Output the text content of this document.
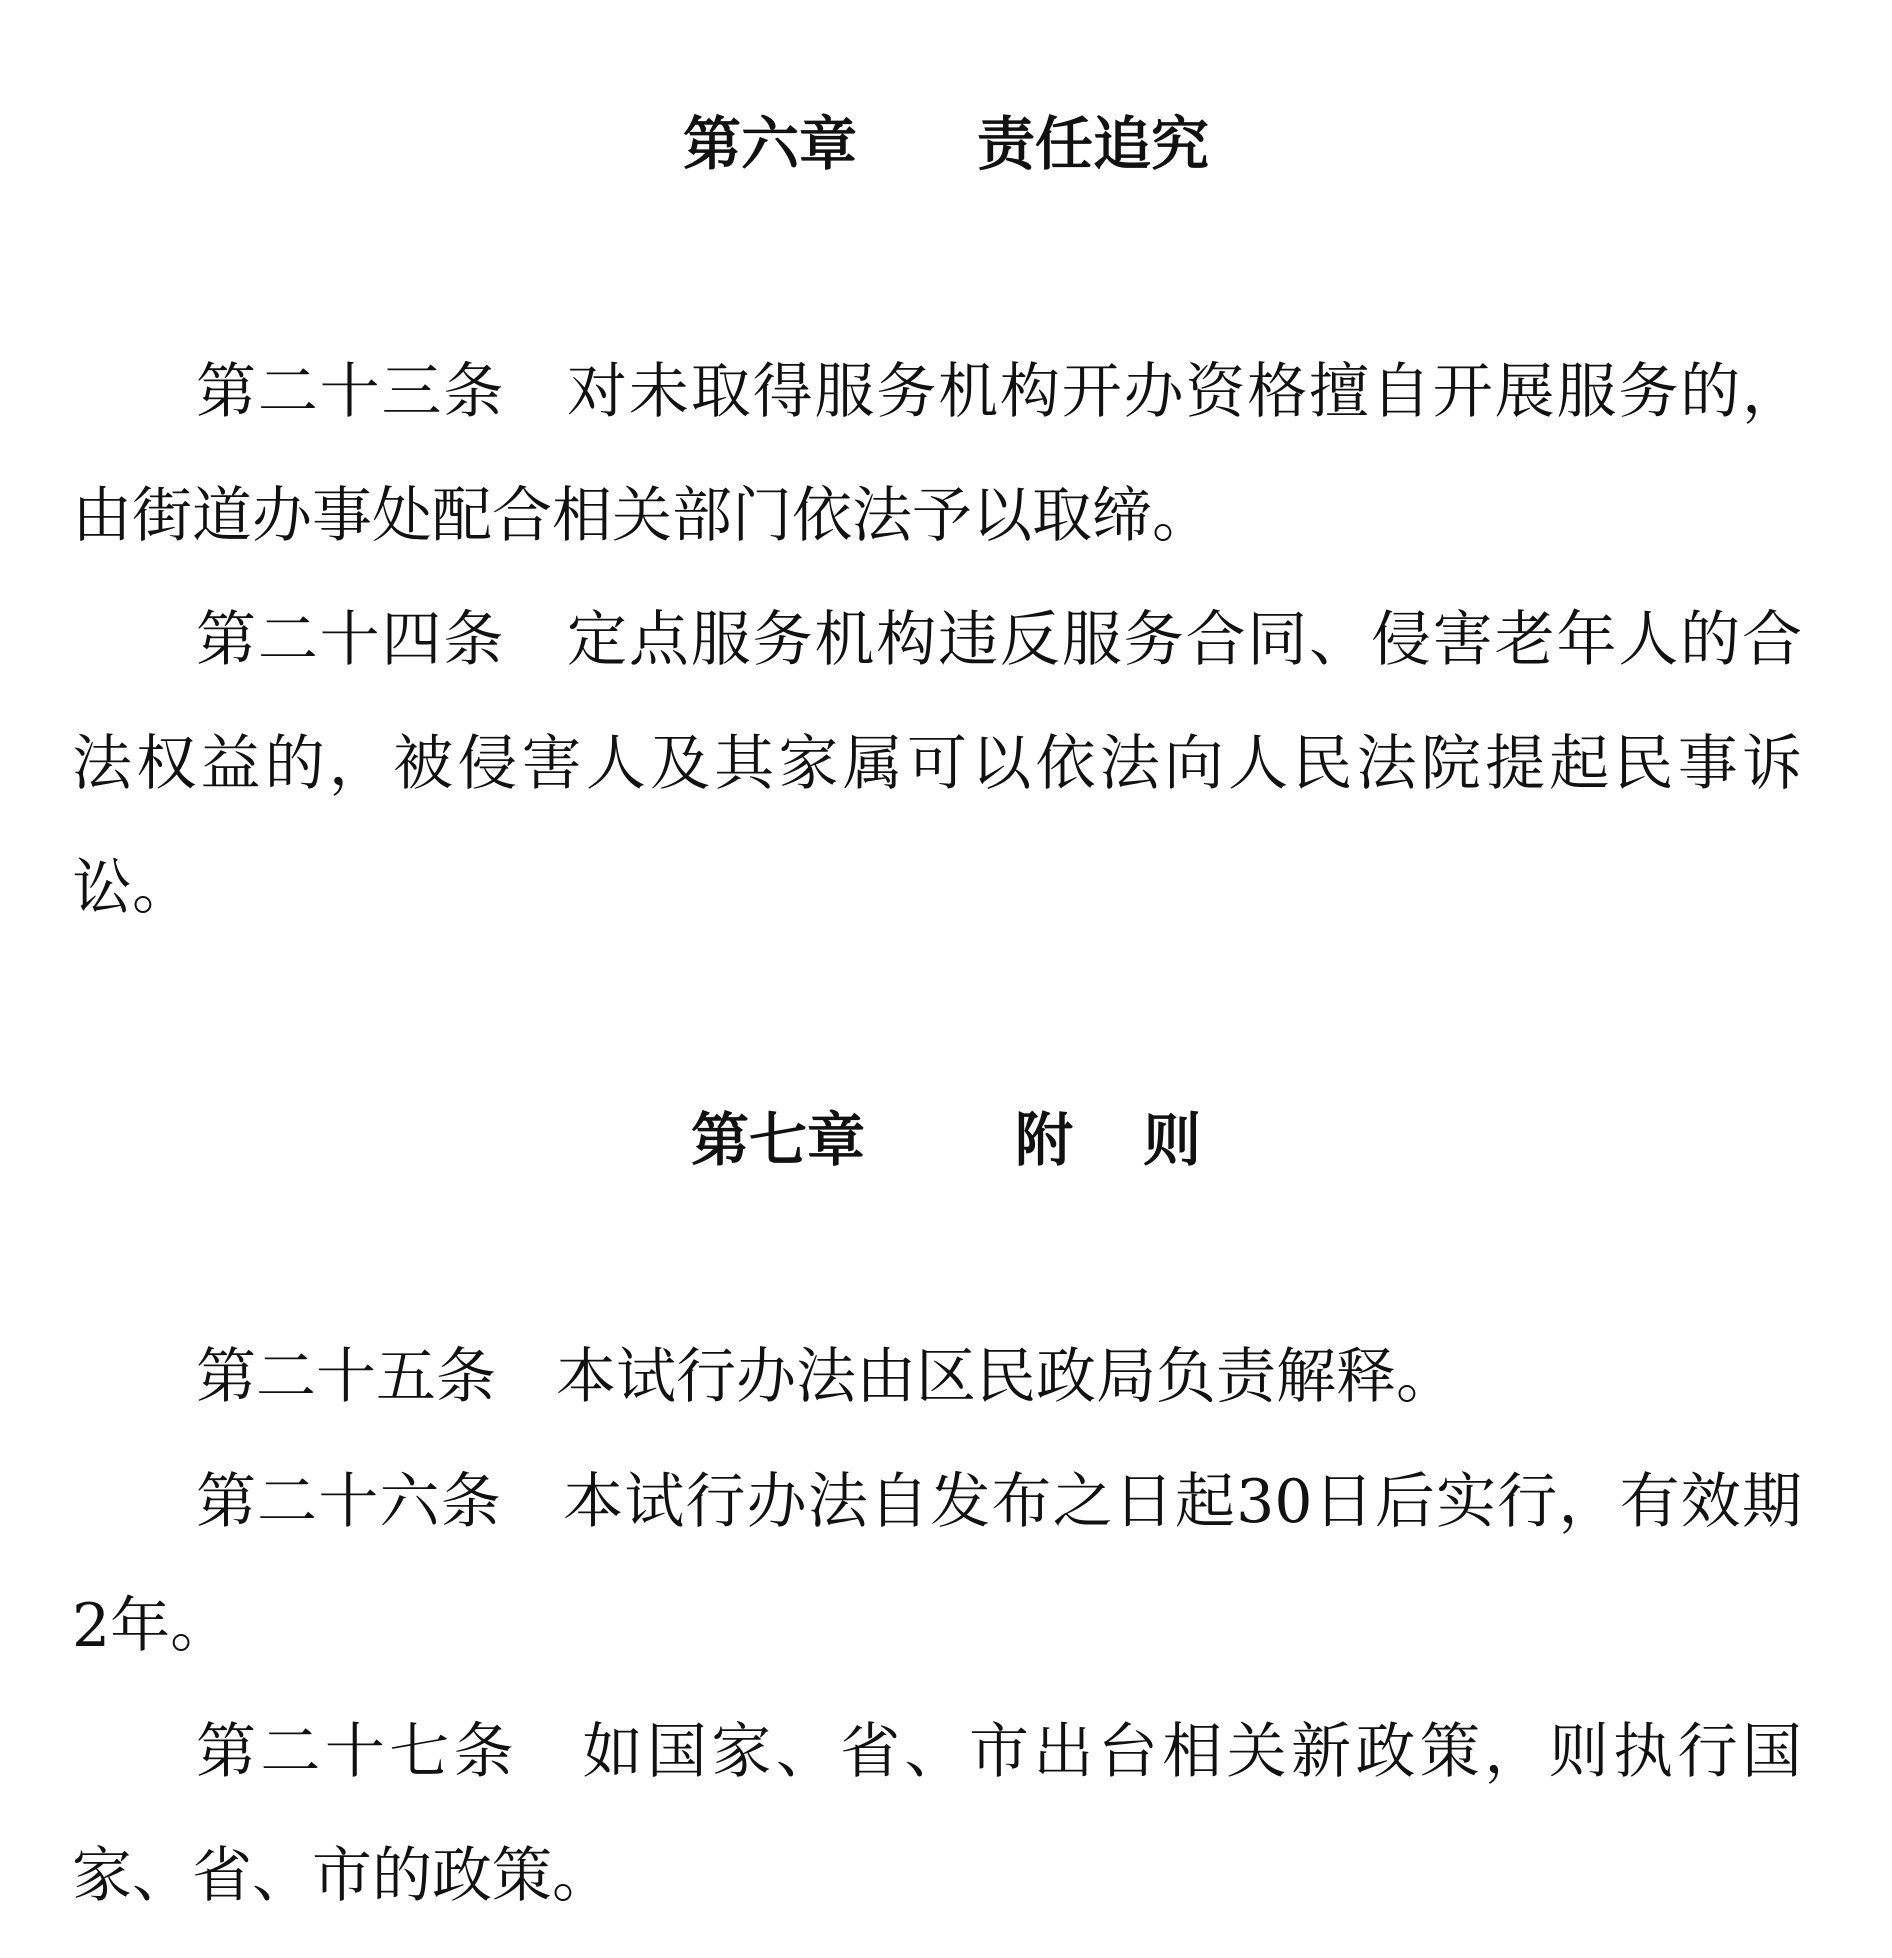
第六章 责任追究
第二十三条 对未取得服务机构开办资格擅自开展服务的，由街道办事处配合相关部门依法予以取缔。
第二十四条 定点服务机构违反服务合同、侵害老年人的合法权益的，被侵害人及其家属可以依法向人民法院提起民事诉讼。
第七章	附则
第二十五条 本试行办法由区民政局负责解释。
第二十六条 本试行办法自发布之日起30日后实行，有效期2年。
第二十七条 如国家、省、市出台相关新政策，则执行国家、省、市的政策。
